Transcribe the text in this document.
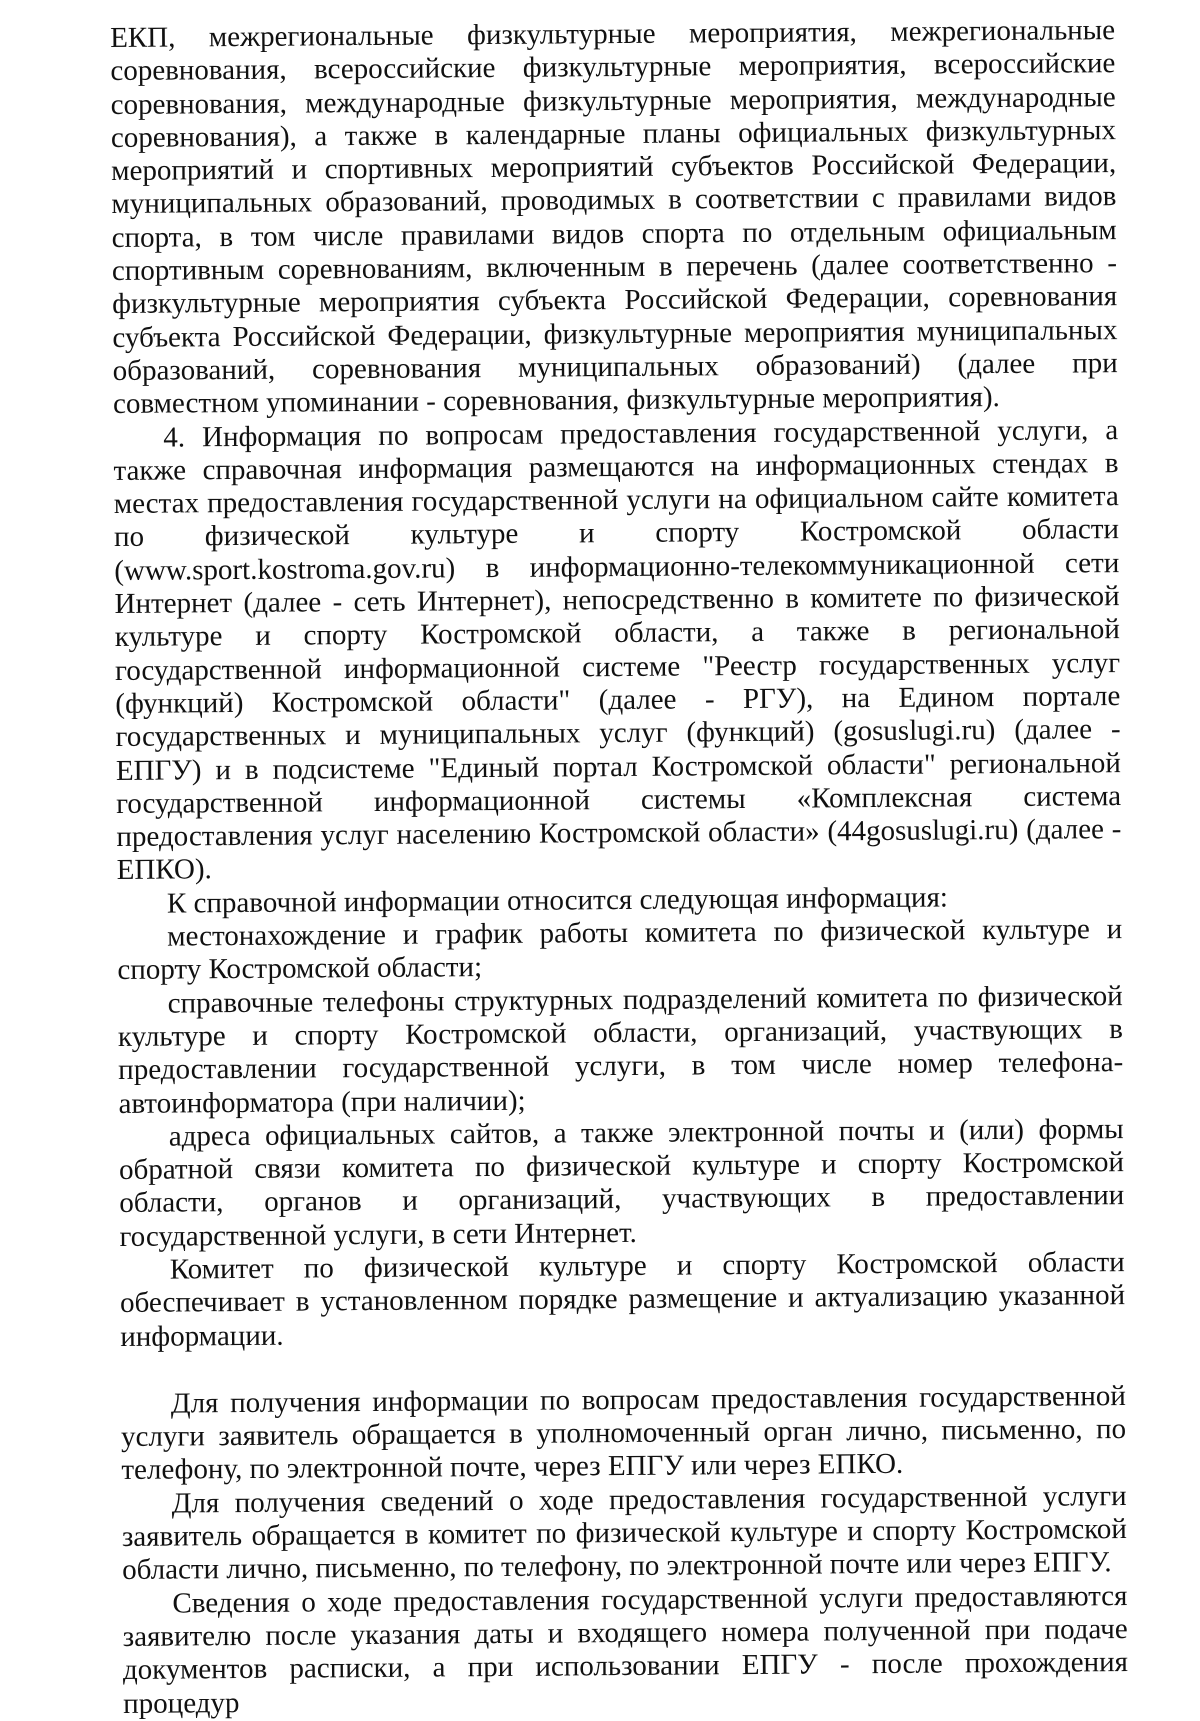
ЕКП, межрегиональные физкультурные мероприятия, межрегиональные соревнования, всероссийские физкультурные мероприятия, всероссийские соревнования, международные физкультурные мероприятия, международные соревнования), а также в календарные планы официальных физкультурных мероприятий и спортивных мероприятий субъектов Российской Федерации, муниципальных образований, проводимых в соответствии с правилами видов спорта, в том числе правилами видов спорта по отдельным официальным спортивным соревнованиям, включенным в перечень (далее соответственно - физкультурные мероприятия субъекта Российской Федерации, соревнования субъекта Российской Федерации, физкультурные мероприятия муниципальных образований, соревнования муниципальных образований) (далее при совместном упоминании - соревнования, физкультурные мероприятия).

4. Информация по вопросам предоставления государственной услуги, а также справочная информация размещаются на информационных стендах в местах предоставления государственной услуги на официальном сайте комитета по физической культуре и спорту Костромской области (www.sport.kostroma.gov.ru) в информационно-телекоммуникационной сети Интернет (далее - сеть Интернет), непосредственно в комитете по физической культуре и спорту Костромской области, а также в региональной государственной информационной системе "Реестр государственных услуг (функций) Костромской области" (далее - РГУ), на Едином портале государственных и муниципальных услуг (функций) (gosuslugi.ru) (далее - ЕПГУ) и в подсистеме "Единый портал Костромской области" региональной государственной информационной системы «Комплексная система предоставления услуг населению Костромской области» (44gosuslugi.ru) (далее - ЕПКО).

К справочной информации относится следующая информация:

местонахождение и график работы комитета по физической культуре и спорту Костромской области;

справочные телефоны структурных подразделений комитета по физической культуре и спорту Костромской области, организаций, участвующих в предоставлении государственной услуги, в том числе номер телефона-автоинформатора (при наличии);

адреса официальных сайтов, а также электронной почты и (или) формы обратной связи комитета по физической культуре и спорту Костромской области, органов и организаций, участвующих в предоставлении государственной услуги, в сети Интернет.

Комитет по физической культуре и спорту Костромской области обеспечивает в установленном порядке размещение и актуализацию указанной информации.

Для получения информации по вопросам предоставления государственной услуги заявитель обращается в уполномоченный орган лично, письменно, по телефону, по электронной почте, через ЕПГУ или через ЕПКО.

Для получения сведений о ходе предоставления государственной услуги заявитель обращается в комитет по физической культуре и спорту Костромской области лично, письменно, по телефону, по электронной почте или через ЕПГУ.

Сведения о ходе предоставления государственной услуги предоставляются заявителю после указания даты и входящего номера полученной при подаче документов расписки, а при использовании ЕПГУ - после прохождения процедур
